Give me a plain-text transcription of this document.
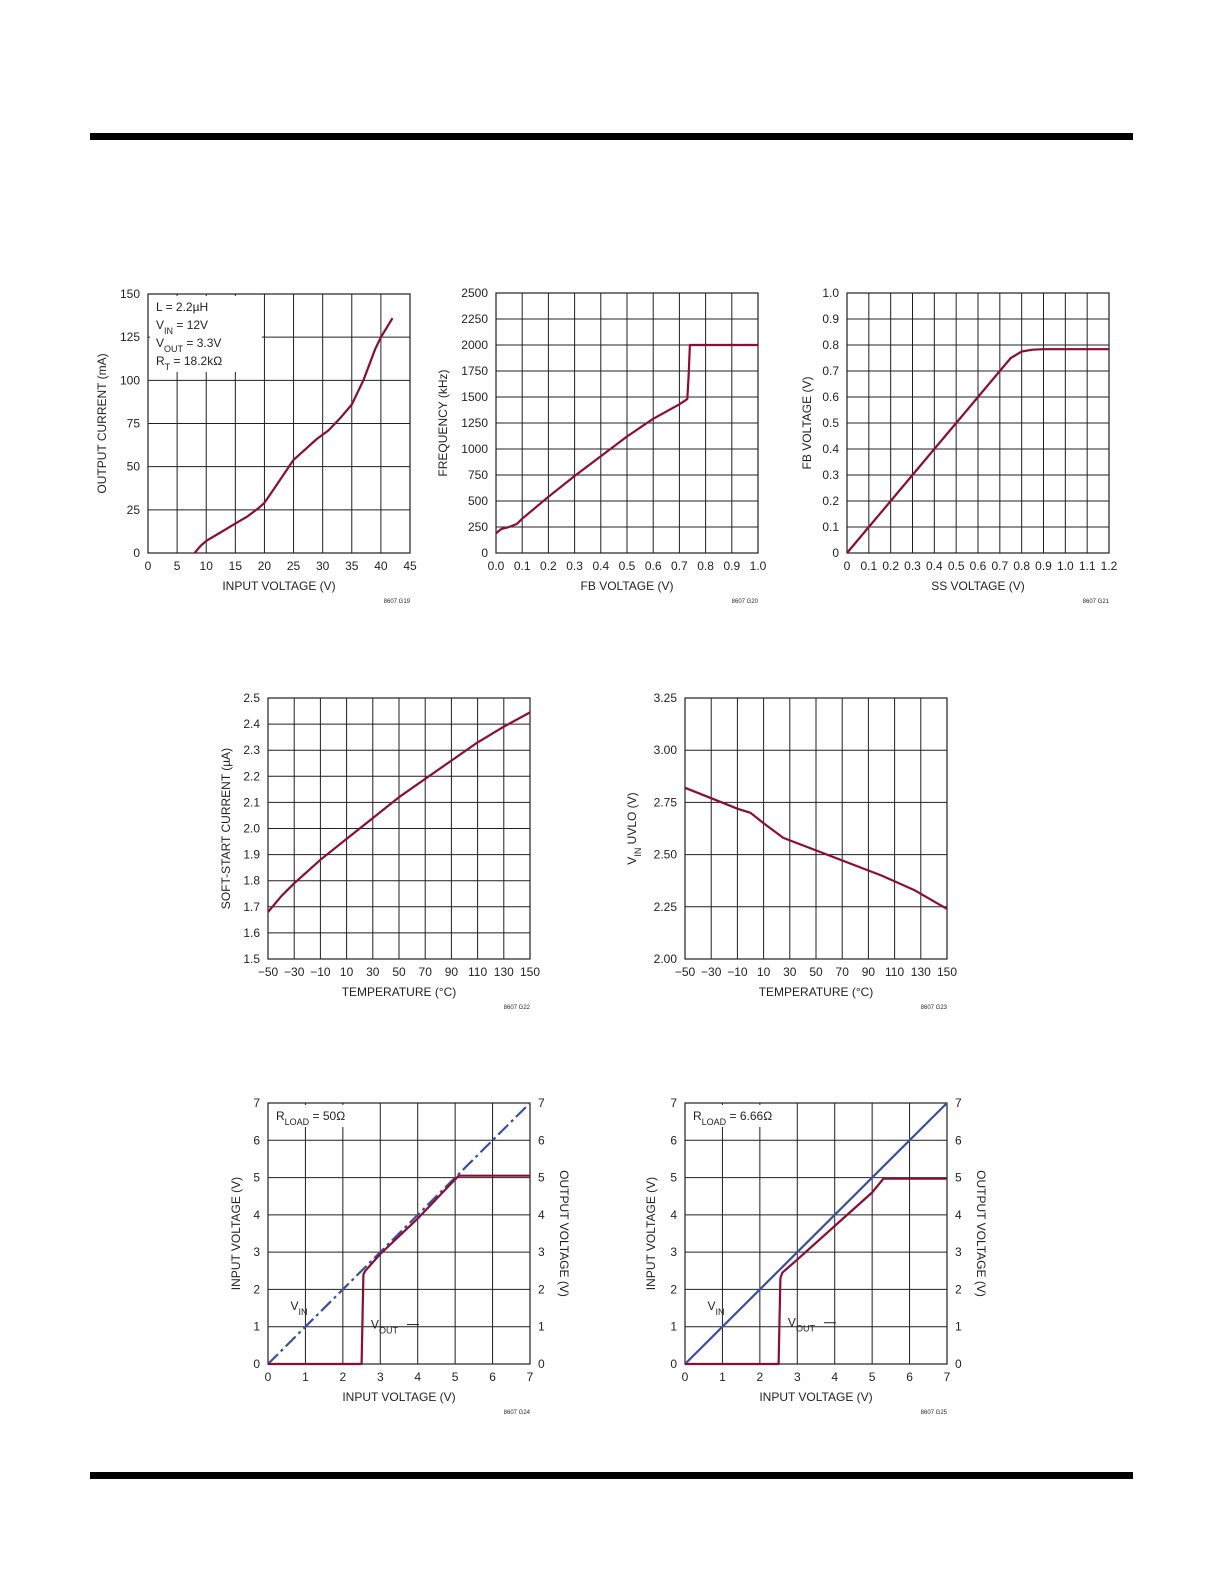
0 5 10 15 20 25 30 35 40 45
0
25
50
75
100
125
150
INPUT VOLTAGE (V)
OUTPUT CURRENT (mA)
8607 G19
L = 2.2µH
$V_{IN} = 12V$
$V_{OUT} = 3.3V$
$R_T = 18.2k\Omega$
0.0 0.1 0.2 0.3 0.4 0.5 0.6 0.7 0.8 0.9 1.0
0
250
500
750
1000
1250
1500
1750
2000
2250
2500
FB VOLTAGE (V)
FREQUENCY (kHz)
8607 G20
0 0.1 0.2 0.3 0.4 0.5 0.6 0.7 0.8 0.9 1.0 1.1 1.2
0
0.1
0.2
0.3
0.4
0.5
0.6
0.7
0.8
0.9
1.0
SS VOLTAGE (V)
FB VOLTAGE (V)
8607 G21
−50 −30 −10 10 30 50 70 90 110 130 150
1.5
1.6
1.7
1.8
1.9
2.0
2.1
2.2
2.3
2.4
2.5
TEMPERATURE (°C)
SOFT-START CURRENT (µA)
8607 G22
−50 −30 −10 10 30 50 70 90 110 130 150
2.00
2.25
2.50
2.75
3.00
3.25
TEMPERATURE (°C)
$V_{IN}$ UVLO (V)
8607 G23
0	1	2	3	4	5	6	7
0	0
1	1
2	2
3	3
4	4
5	5
6	6
7	7
INPUT VOLTAGE (V)
INPUT VOLTAGE (V)	OUTPUT VOLTAGE (V)
8607 G24
$R_{LOAD} = 50\Omega$
$V_{IN}$
$V_{OUT}$
0	1	2	3	4	5	6	7
0	0
1	1
2	2
3	3
4	4
5	5
6	6
7	7
INPUT VOLTAGE (V)
INPUT VOLTAGE (V)	OUTPUT VOLTAGE (V)
8607 G25
$R_{LOAD} = 6.66\Omega$
$V_{IN}$
$V_{OUT}$
